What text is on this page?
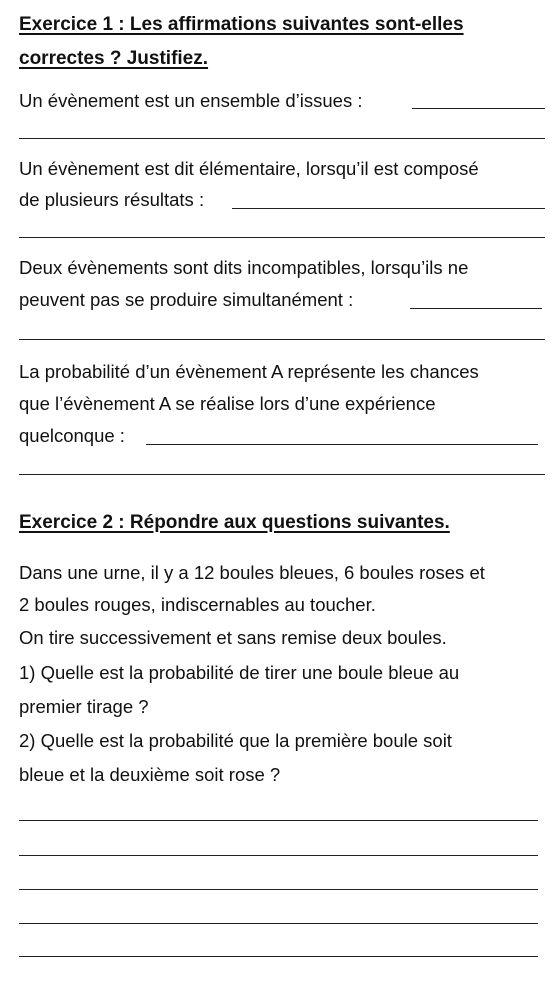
Exercice 1 : Les affirmations suivantes sont-elles
correctes ? Justifiez.
Un évènement est un ensemble d’issues :
Un évènement est dit élémentaire, lorsqu’il est composé
de plusieurs résultats :
Deux évènements sont dits incompatibles, lorsqu’ils ne
peuvent pas se produire simultanément :
La probabilité d’un évènement A représente les chances
que l’évènement A se réalise lors d’une expérience
quelconque :
Exercice 2 : Répondre aux questions suivantes.
Dans une urne, il y a 12 boules bleues, 6 boules roses et
2 boules rouges, indiscernables au toucher.
On tire successivement et sans remise deux boules.
1) Quelle est la probabilité de tirer une boule bleue au
premier tirage ?
2) Quelle est la probabilité que la première boule soit
bleue et la deuxième soit rose ?
